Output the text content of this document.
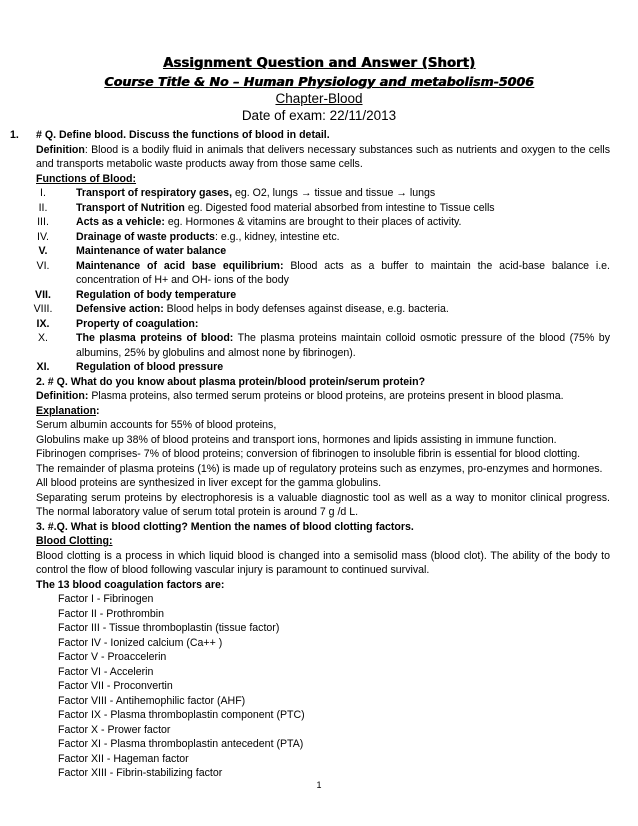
Assignment Question and Answer (Short)
Course Title & No – Human Physiology and metabolism-5006
Chapter-Blood
Date of exam: 22/11/2013
1.	# Q. Define blood. Discuss the functions of blood in detail.
Definition: Blood is a bodily fluid in animals that delivers necessary substances such as nutrients and oxygen to the cells and transports metabolic waste products away from those same cells.
Functions of Blood:
I.	Transport of respiratory gases, eg. O2, lungs → tissue and tissue → lungs
II.	Transport of Nutrition eg. Digested food material absorbed from intestine to Tissue cells
III.	Acts as a vehicle: eg. Hormones & vitamins are brought to their places of activity.
IV.	Drainage of waste products: e.g., kidney, intestine etc.
V.	Maintenance of water balance
VI.	Maintenance of acid base equilibrium: Blood acts as a buffer to maintain the acid-base balance i.e. concentration of H+ and OH- ions of the body
VII.	Regulation of body temperature
VIII.	Defensive action: Blood helps in body defenses against disease, e.g. bacteria.
IX.	Property of coagulation:
X.	The plasma proteins of blood: The plasma proteins maintain colloid osmotic pressure of the blood (75% by albumins, 25% by globulins and almost none by fibrinogen).
XI.	Regulation of blood pressure
2. # Q. What do you know about plasma protein/blood protein/serum protein?
Definition: Plasma proteins, also termed serum proteins or blood proteins, are proteins present in blood plasma.
Explanation:
Serum albumin accounts for 55% of blood proteins,
Globulins make up 38% of blood proteins and transport ions, hormones and lipids assisting in immune function.
Fibrinogen comprises- 7% of blood proteins; conversion of fibrinogen to insoluble fibrin is essential for blood clotting.
The remainder of plasma proteins (1%) is made up of regulatory proteins such as enzymes, pro-enzymes and hormones.
All blood proteins are synthesized in liver except for the gamma globulins.
Separating serum proteins by electrophoresis is a valuable diagnostic tool as well as a way to monitor clinical progress. The normal laboratory value of serum total protein is around 7 g /d L.
3. #.Q. What is blood clotting? Mention the names of blood clotting factors.
Blood Clotting:
Blood clotting is a process in which liquid blood is changed into a semisolid mass (blood clot). The ability of the body to control the flow of blood following vascular injury is paramount to continued survival.
The 13 blood coagulation factors are:
Factor I - Fibrinogen
Factor II - Prothrombin
Factor III - Tissue thromboplastin (tissue factor)
Factor IV - Ionized calcium (Ca++ )
Factor V - Proaccelerin
Factor VI - Accelerin
Factor VII - Proconvertin
Factor VIII - Antihemophilic factor (AHF)
Factor IX - Plasma thromboplastin component (PTC)
Factor X - Prower factor
Factor XI - Plasma thromboplastin antecedent (PTA)
Factor XII - Hageman factor
Factor XIII - Fibrin-stabilizing factor
1
